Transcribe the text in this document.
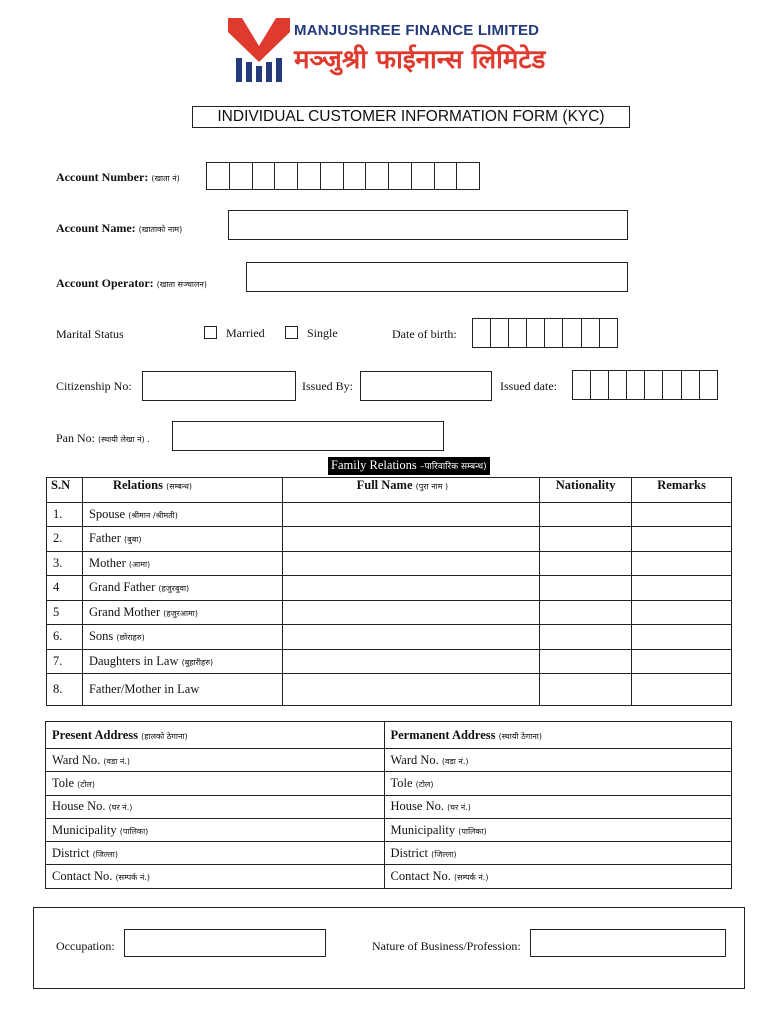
MANJUSHREE FINANCE LIMITED
मञ्जुश्री फाईनान्स लिमिटेड
INDIVIDUAL CUSTOMER INFORMATION FORM (KYC)
Account Number: (खाता नं)
Account Name: (खाताको नाम)
Account Operator: (खाता सञ्चालन)
Marital Status	Married	Single	Date of birth:
Citizenship No:	Issued By:	Issued date:
Pan No: (स्थायी लेखा नं) .
Family Relations –पारिवारिक सम्बन्ध)
S.N	Relations (सम्बन्ध)	Full Name (पुरा नाम )	Nationality	Remarks
1.	Spouse (श्रीमान /श्रीमती)			
2.	Father (बुबा)			
3.	Mother (आमा)			
4	Grand Father (हजुरबुवा)			
5	Grand Mother (हजुरआमा)			
6.	Sons (छोराहरु)			
7.	Daughters in Law (बुहारीहरु)			
8.	Father/Mother in Law			
Present Address (हालको ठेगाना)	Permanent Address (स्थायी ठेगाना)
Ward No. (वडा नं.)	Ward No. (वडा नं.)
Tole (टोल)	Tole (टोल)
House No. (घर नं.)	House No. (घर नं.)
Municipality (पालिका)	Municipality (पालिका)
District (जिल्ला)	District (जिल्ला)
Contact No. (सम्पर्क नं.)	Contact No. (सम्पर्क नं.)
Occupation:	Nature of Business/Profession:
